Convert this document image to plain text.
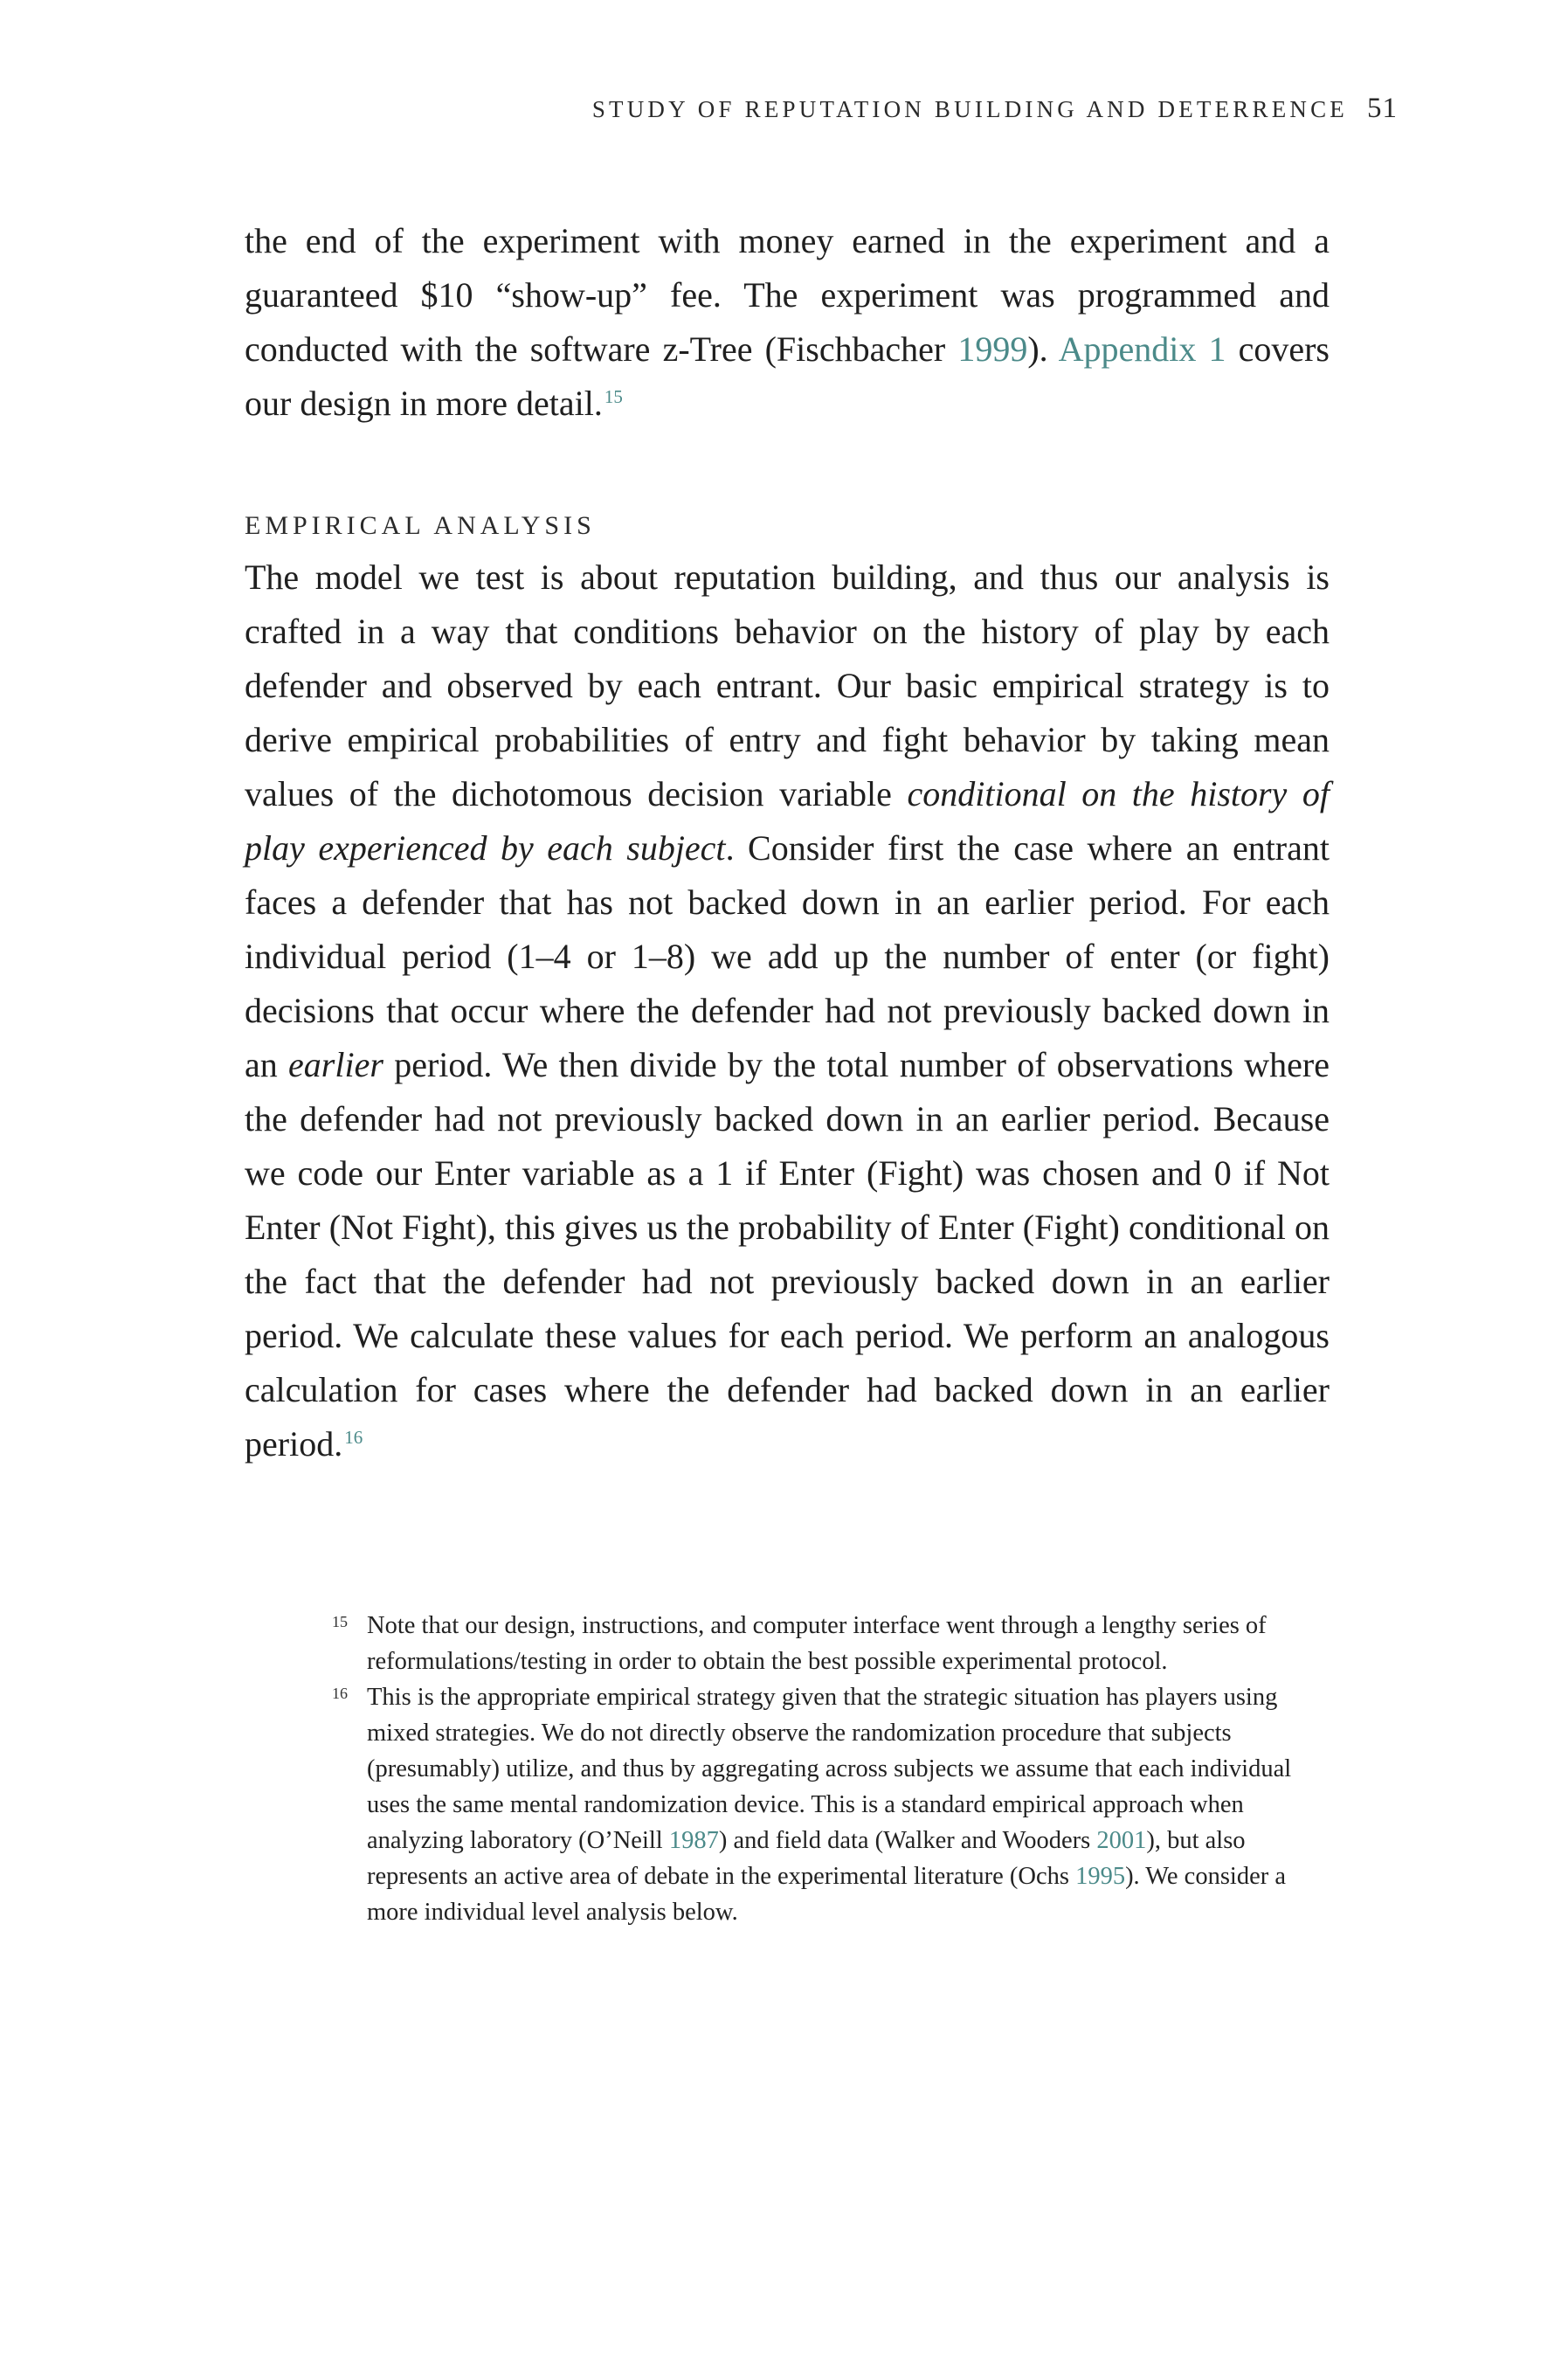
STUDY OF REPUTATION BUILDING AND DETERRENCE 51

the end of the experiment with money earned in the experiment and a guaranteed $10 “show-up” fee. The experiment was programmed and conducted with the software z-Tree (Fischbacher 1999). Appendix 1 covers our design in more detail.$^{15}$

EMPIRICAL ANALYSIS

The model we test is about reputation building, and thus our analysis is crafted in a way that conditions behavior on the history of play by each defender and observed by each entrant. Our basic empirical strategy is to derive empirical probabilities of entry and fight behavior by taking mean values of the dichotomous decision variable conditional on the history of play experienced by each subject. Consider first the case where an entrant faces a defender that has not backed down in an earlier period. For each individual period (1–4 or 1–8) we add up the number of enter (or fight) decisions that occur where the defender had not previously backed down in an earlier period. We then divide by the total number of observations where the defender had not previously backed down in an earlier period. Because we code our Enter variable as a 1 if Enter (Fight) was chosen and 0 if Not Enter (Not Fight), this gives us the probability of Enter (Fight) conditional on the fact that the defender had not previously backed down in an earlier period. We calculate these values for each period. We perform an analogous calculation for cases where the defender had backed down in an earlier period.$^{16}$

15 Note that our design, instructions, and computer interface went through a lengthy series of reformulations/testing in order to obtain the best possible experimental protocol.
16 This is the appropriate empirical strategy given that the strategic situation has players using mixed strategies. We do not directly observe the randomization procedure that subjects (presumably) utilize, and thus by aggregating across subjects we assume that each individual uses the same mental randomization device. This is a standard empirical approach when analyzing laboratory (O’Neill 1987) and field data (Walker and Wooders 2001), but also represents an active area of debate in the experimental literature (Ochs 1995). We consider a more individual level analysis below.
